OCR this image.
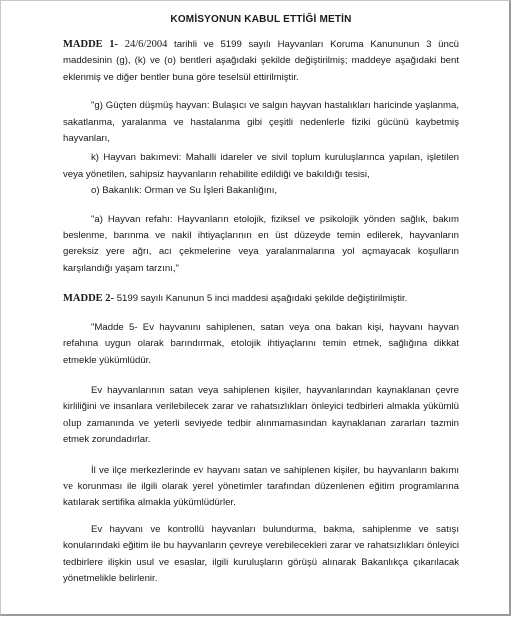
KOMİSYONUN KABUL ETTİĞİ METİN

MADDE 1- 24/6/2004 tarihli ve 5199 sayılı Hayvanları Koruma Kanununun 3 üncü maddesinin (g), (k) ve (o) bentleri aşağıdaki şekilde değiştirilmiş; maddeye aşağıdaki bent eklenmiş ve diğer bentler buna göre teselsül ettirilmiştir.

"g) Güçten düşmüş hayvan: Bulaşıcı ve salgın hayvan hastalıkları haricinde yaşlanma, sakatlanma, yaralanma ve hastalanma gibi çeşitli nedenlerle fiziki gücünü kaybetmiş hayvanları,

k) Hayvan bakımevi: Mahalli idareler ve sivil toplum kuruluşlarınca yapılan, işletilen veya yönetilen, sahipsiz hayvanların rehabilite edildiği ve bakıldığı tesisi,

o) Bakanlık: Orman ve Su İşleri Bakanlığını,

"a) Hayvan refahı: Hayvanların etolojik, fiziksel ve psikolojik yönden sağlık, bakım beslenme, barınma ve nakil ihtiyaçlarının en üst düzeyde temin edilerek, hayvanların gereksiz yere ağrı, acı çekmelerine veya yaralanmalarına yol açmayacak koşulların karşılandığı yaşam tarzını,"

MADDE 2- 5199 sayılı Kanunun 5 inci maddesi aşağıdaki şekilde değiştirilmiştir.

"Madde 5- Ev hayvanını sahiplenen, satan veya ona bakan kişi, hayvanı hayvan refahına uygun olarak barındırmak, etolojik ihtiyaçlarını temin etmek, sağlığına dikkat etmekle yükümlüdür.

Ev hayvanlarının satan veya sahiplenen kişiler, hayvanlarından kaynaklanan çevre kirliliğini ve insanlara verilebilecek zarar ve rahatsızlıkları önleyici tedbirleri almakla yükümlü olup zamanında ve yeterli seviyede tedbir alınmamasından kaynaklanan zararları tazmin etmek zorundadırlar.

İl ve ilçe merkezlerinde ev hayvanı satan ve sahiplenen kişiler, bu hayvanların bakımı ve korunması ile ilgili olarak yerel yönetimler tarafından düzenlenen eğitim programlarına katılarak sertifika almakla yükümlüdürler.

Ev hayvanı ve kontrollü hayvanları bulundurma, bakma, sahiplenme ve satışı konularındaki eğitim ile bu hayvanların çevreye verebilecekleri zarar ve rahatsızlıkları önleyici tedbirlere ilişkin usul ve esaslar, ilgili kuruluşların görüşü alınarak Bakanlıkça çıkarılacak yönetmelikle belirlenir.
